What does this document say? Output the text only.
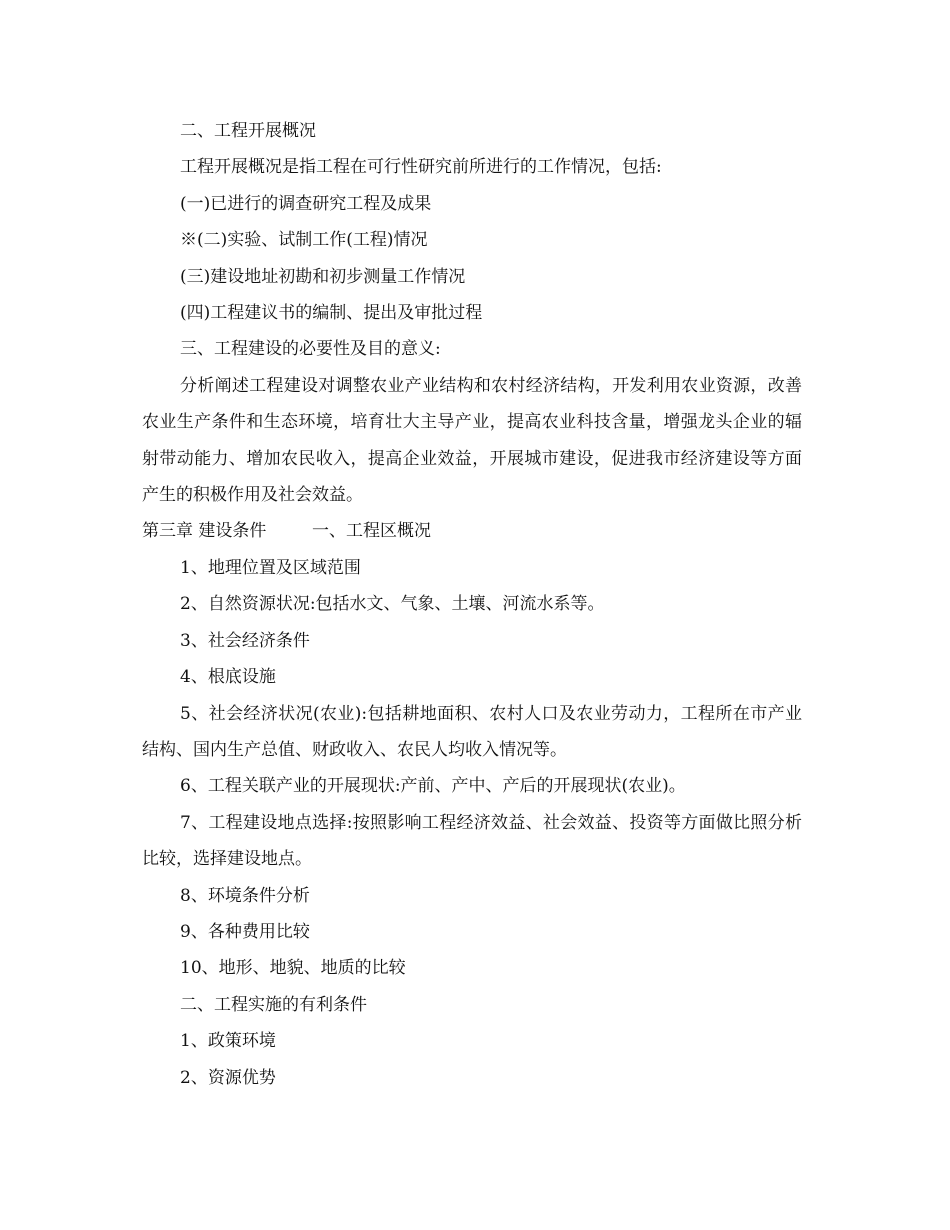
二、工程开展概况

工程开展概况是指工程在可行性研究前所进行的工作情况，包括:

(一)已进行的调查研究工程及成果

※(二)实验、试制工作(工程)情况

(三)建设地址初勘和初步测量工作情况

(四)工程建议书的编制、提出及审批过程

三、工程建设的必要性及目的意义:

分析阐述工程建设对调整农业产业结构和农村经济结构，开发利用农业资源，改善农业生产条件和生态环境，培育壮大主导产业，提高农业科技含量，增强龙头企业的辐射带动能力、增加农民收入，提高企业效益，开展城市建设，促进我市经济建设等方面产生的积极作用及社会效益。

第三章 建设条件	一、工程区概况

1、地理位置及区域范围

2、自然资源状况:包括水文、气象、土壤、河流水系等。

3、社会经济条件

4、根底设施

5、社会经济状况(农业):包括耕地面积、农村人口及农业劳动力，工程所在市产业结构、国内生产总值、财政收入、农民人均收入情况等。

6、工程关联产业的开展现状:产前、产中、产后的开展现状(农业)。

7、工程建设地点选择:按照影响工程经济效益、社会效益、投资等方面做比照分析比较，选择建设地点。

8、环境条件分析

9、各种费用比较

10、地形、地貌、地质的比较

二、工程实施的有利条件

1、政策环境

2、资源优势
